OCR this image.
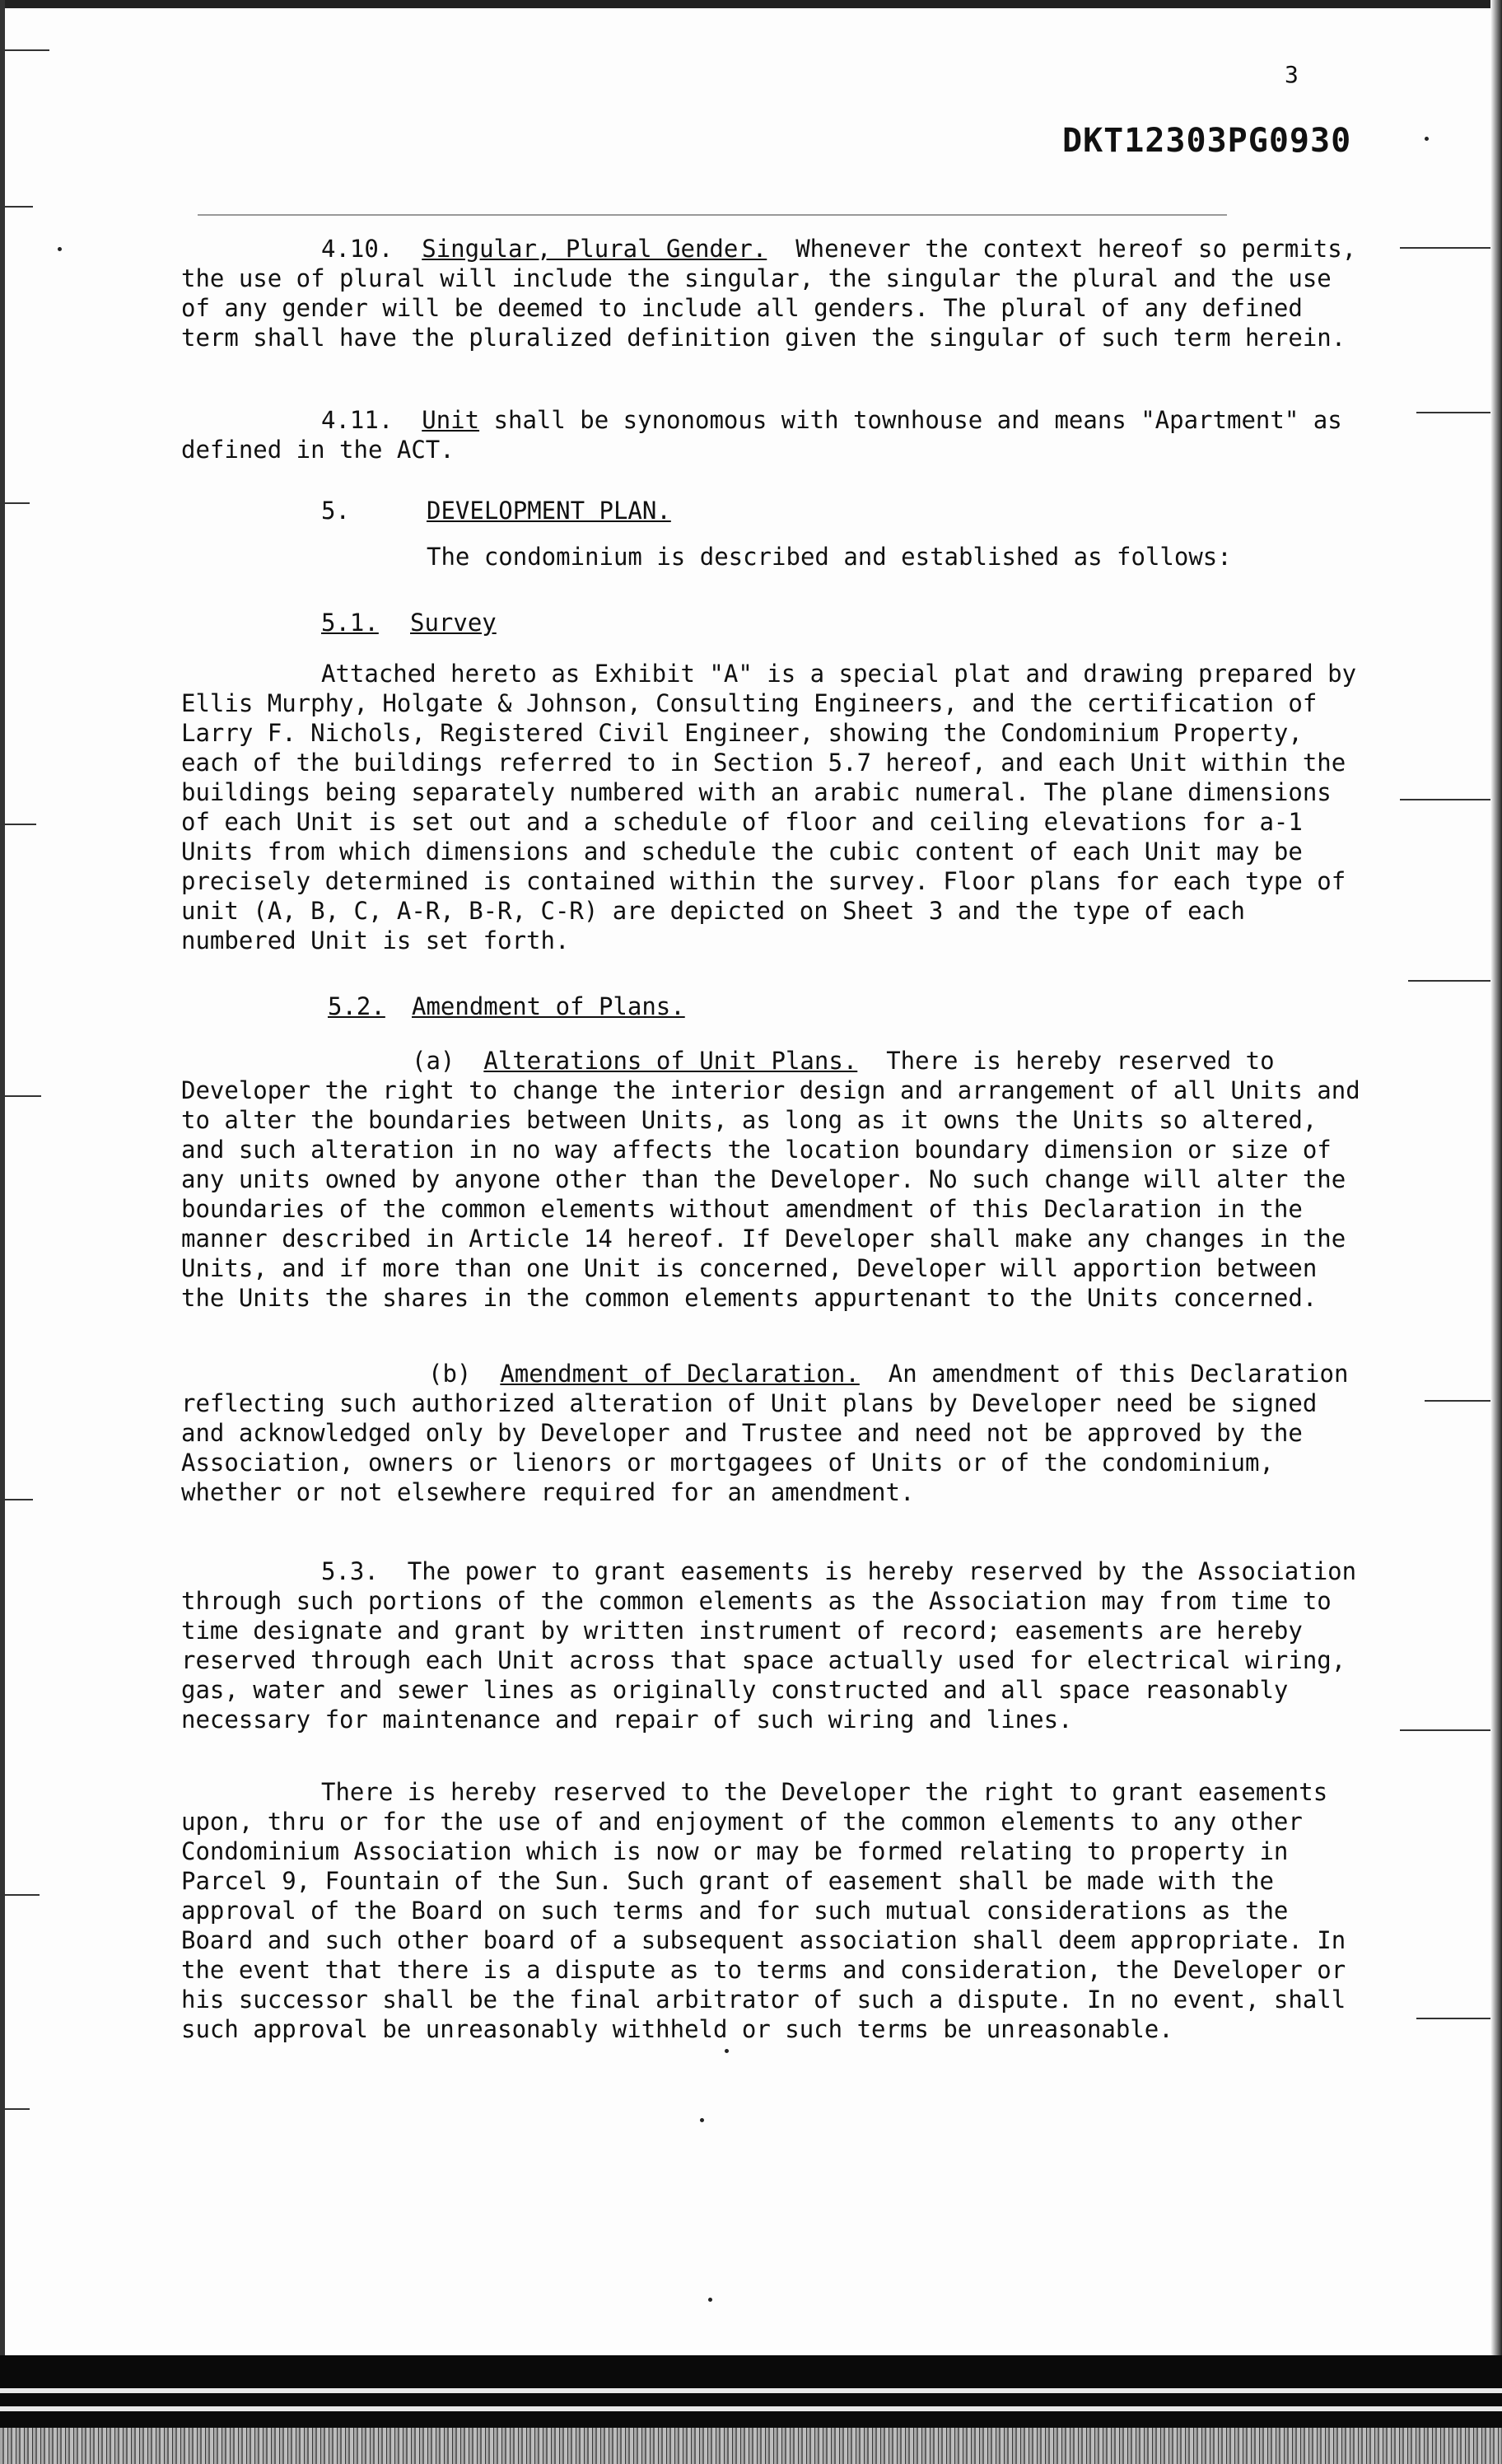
3
DKT12303PG0930
4.10. Singular, Plural Gender. Whenever the context hereof so permits, the use of plural will include the singular, the singular the plural and the use of any gender will be deemed to include all genders. The plural of any defined term shall have the pluralized definition given the singular of such term herein.
4.11. Unit shall be synonomous with townhouse and means "Apartment" as defined in the ACT.
5.	DEVELOPMENT PLAN.
The condominium is described and established as follows:
5.1. Survey
Attached hereto as Exhibit "A" is a special plat and drawing prepared by Ellis Murphy, Holgate & Johnson, Consulting Engineers, and the certification of Larry F. Nichols, Registered Civil Engineer, showing the Condominium Property, each of the buildings referred to in Section 5.7 hereof, and each Unit within the buildings being separately numbered with an arabic numeral. The plane dimensions of each Unit is set out and a schedule of floor and ceiling elevations for a-1 Units from which dimensions and schedule the cubic content of each Unit may be precisely determined is contained within the survey. Floor plans for each type of unit (A, B, C, A-R, B-R, C-R) are depicted on Sheet 3 and the type of each numbered Unit is set forth.
5.2. Amendment of Plans.
(a) Alterations of Unit Plans. There is hereby reserved to Developer the right to change the interior design and arrangement of all Units and to alter the boundaries between Units, as long as it owns the Units so altered, and such alteration in no way affects the location boundary dimension or size of any units owned by anyone other than the Developer. No such change will alter the boundaries of the common elements without amendment of this Declaration in the manner described in Article 14 hereof. If Developer shall make any changes in the Units, and if more than one Unit is concerned, Developer will apportion between the Units the shares in the common elements appurtenant to the Units concerned.
(b) Amendment of Declaration. An amendment of this Declaration reflecting such authorized alteration of Unit plans by Developer need be signed and acknowledged only by Developer and Trustee and need not be approved by the Association, owners or lienors or mortgagees of Units or of the condominium, whether or not elsewhere required for an amendment.
5.3. The power to grant easements is hereby reserved by the Association through such portions of the common elements as the Association may from time to time designate and grant by written instrument of record; easements are hereby reserved through each Unit across that space actually used for electrical wiring, gas, water and sewer lines as originally constructed and all space reasonably necessary for maintenance and repair of such wiring and lines.
There is hereby reserved to the Developer the right to grant easements upon, thru or for the use of and enjoyment of the common elements to any other Condominium Association which is now or may be formed relating to property in Parcel 9, Fountain of the Sun. Such grant of easement shall be made with the approval of the Board on such terms and for such mutual considerations as the Board and such other board of a subsequent association shall deem appropriate. In the event that there is a dispute as to terms and consideration, the Developer or his successor shall be the final arbitrator of such a dispute. In no event, shall such approval be unreasonably withheld or such terms be unreasonable.
